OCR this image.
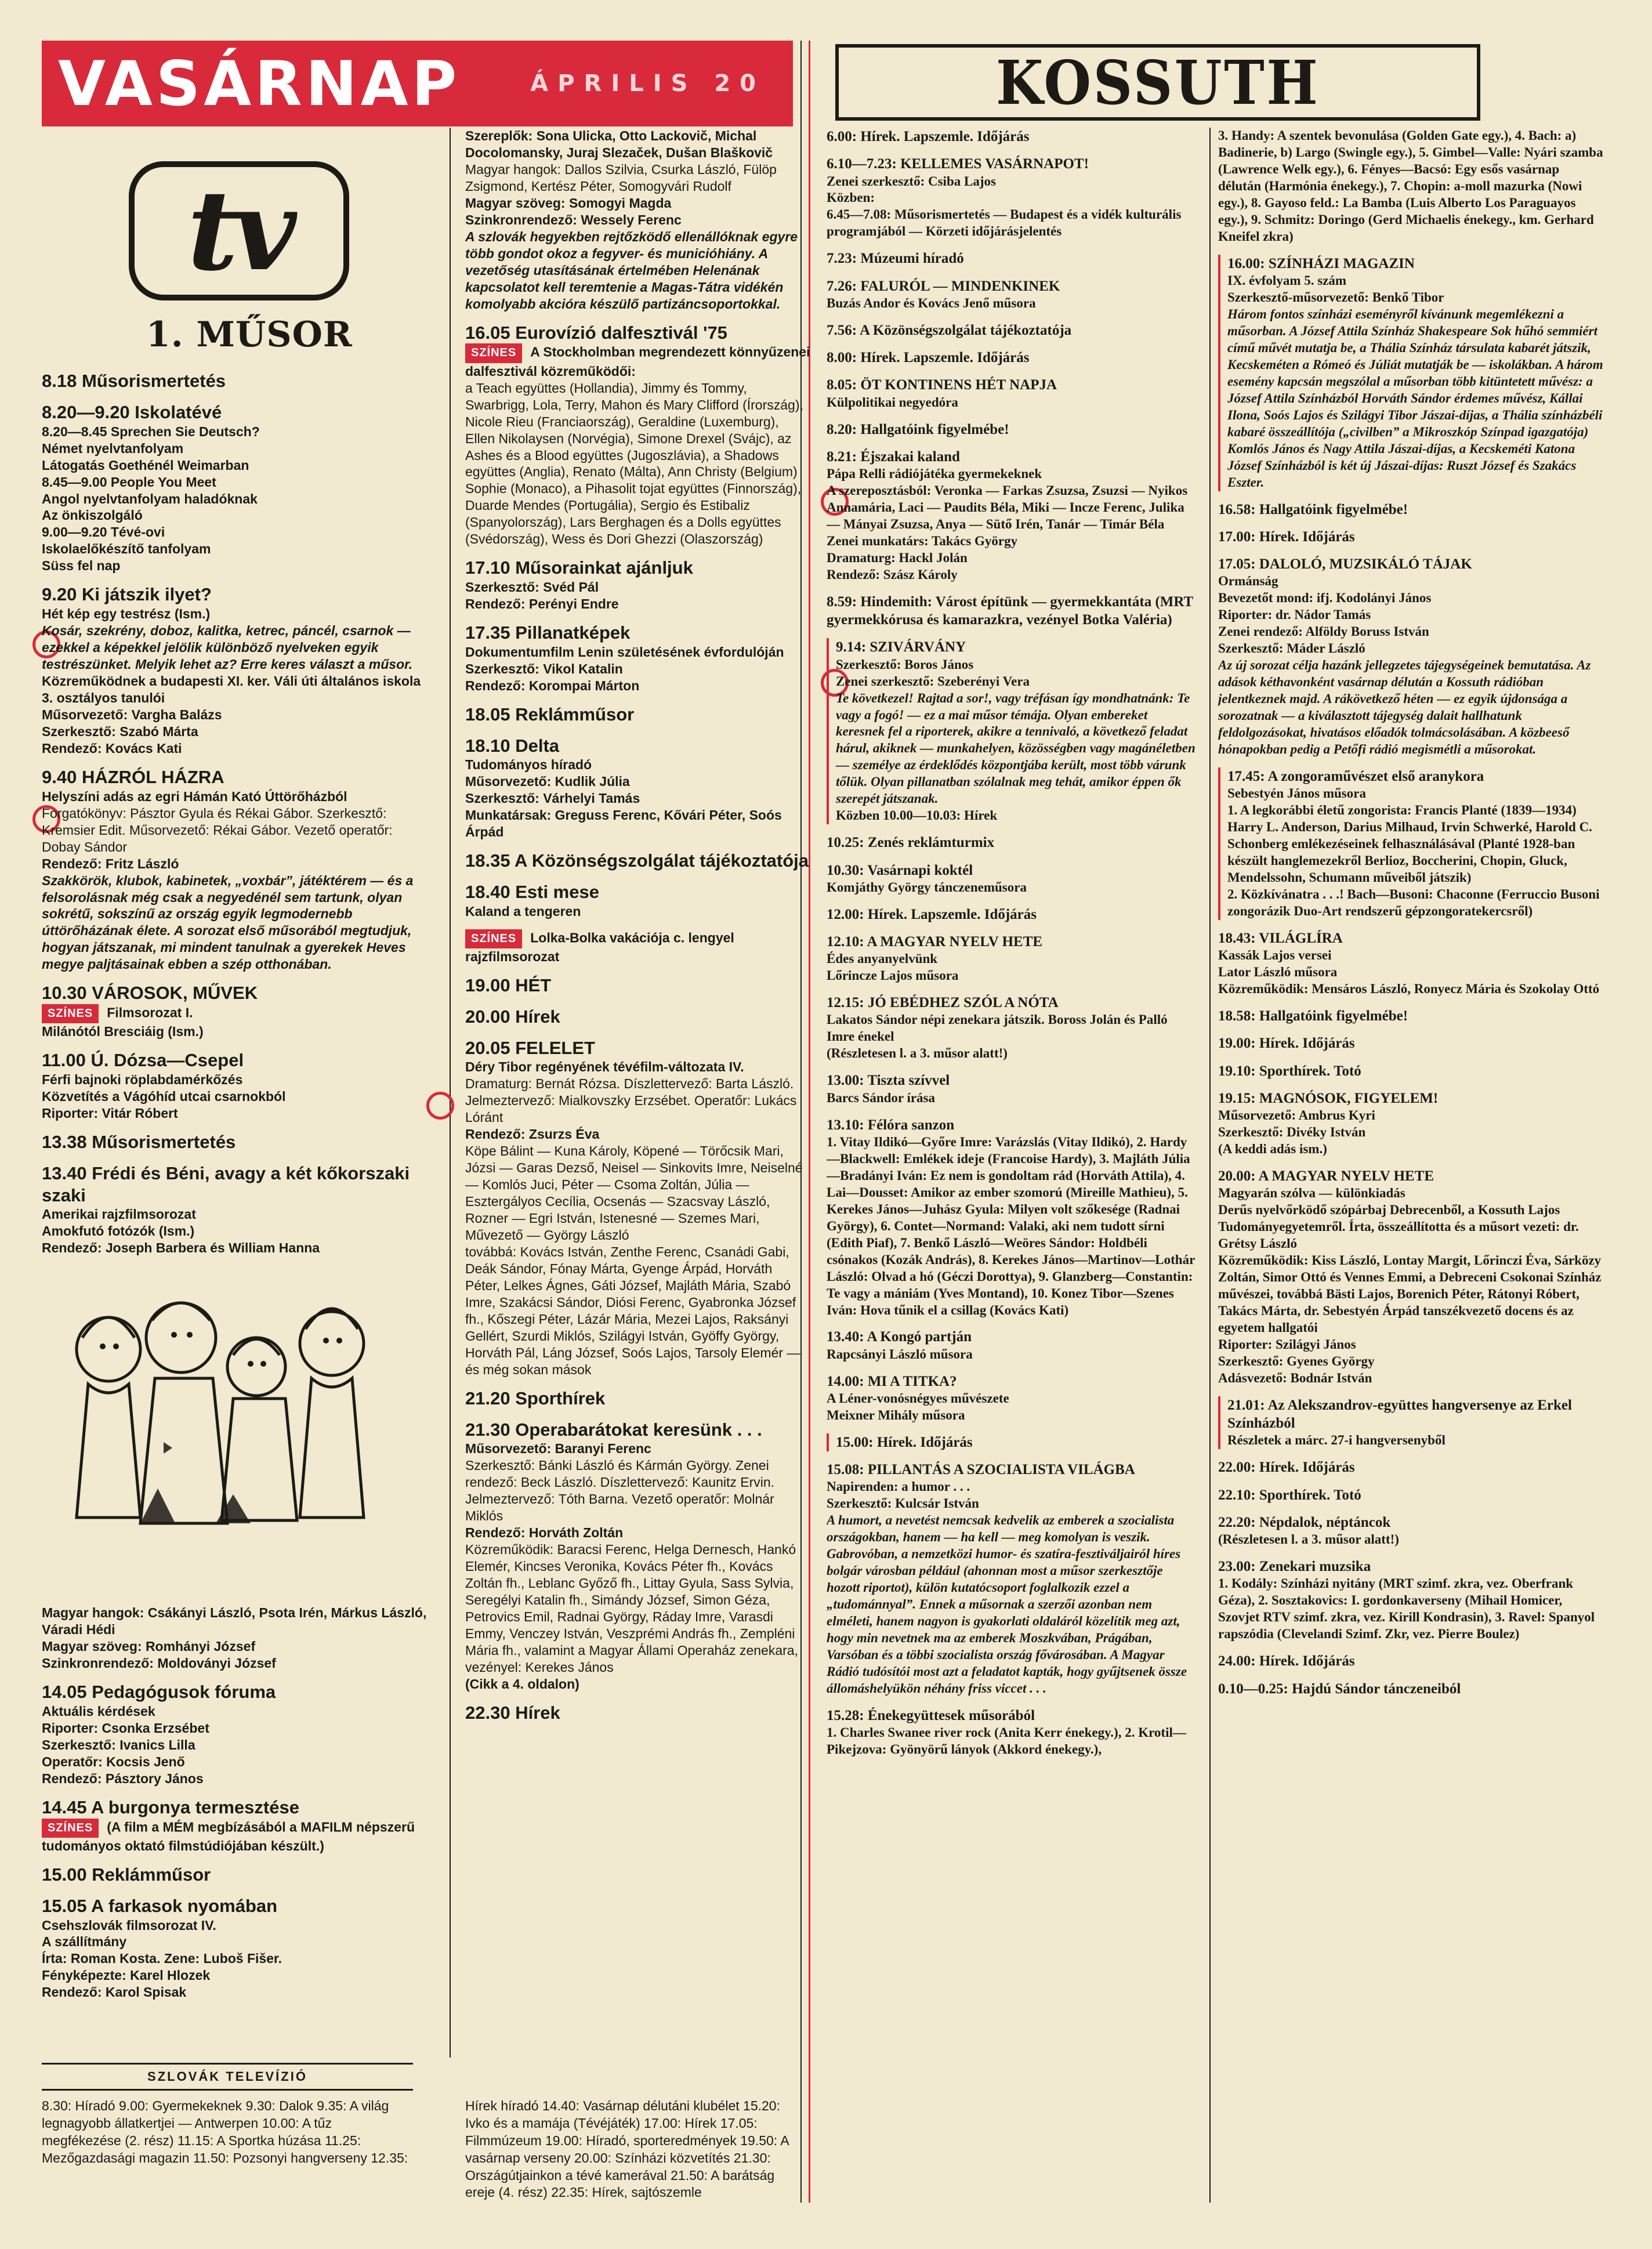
VASÁRNAP	ÁPRILIS 20	KOSSUTH
tv
1. MŰSOR
8.18 Műsorismertetés
8.20—9.20 Iskolatévé
8.20—8.45 Sprechen Sie Deutsch?
Német nyelvtanfolyam
Látogatás Goethénél Weimarban
8.45—9.00 People You Meet
Angol nyelvtanfolyam haladóknak
Az önkiszolgáló
9.00—9.20 Tévé-ovi
Iskolaelőkészítő tanfolyam
Süss fel nap
9.20 Ki játszik ilyet?
Hét kép egy testrész (Ism.)
Kosár, szekrény, doboz, kalitka, ketrec, páncél, csarnok — ezekkel a képekkel jelölik különböző nyelveken egyik testrészünket. Melyik lehet az? Erre keres választ a műsor.
Közreműködnek a budapesti XI. ker. Váli úti általános iskola 3. osztályos tanulói
Műsorvezető: Vargha Balázs
Szerkesztő: Szabó Márta
Rendező: Kovács Kati
9.40 HÁZRÓL HÁZRA
Helyszíni adás az egri Hámán Kató Úttörőházból
Forgatókönyv: Pásztor Gyula és Rékai Gábor. Szerkesztő: Kremsier Edit. Műsorvezető: Rékai Gábor. Vezető operatőr: Dobay Sándor
Rendező: Fritz László
Szakkörök, klubok, kabinetek, „voxbár”, játéktérem — és a felsorolásnak még csak a negyedénél sem tartunk, olyan sokrétű, sokszínű az ország egyik legmodernebb úttörőházának élete. A sorozat első műsorából megtudjuk, hogyan játszanak, mi mindent tanulnak a gyerekek Heves megye paljtásainak ebben a szép otthonában.
10.30 VÁROSOK, MŰVEK
SZÍNES Filmsorozat I.
Milánótól Bresciáig (Ism.)
11.00 Ú. Dózsa—Csepel
Férfi bajnoki röplabdamérkőzés
Közvetítés a Vágóhíd utcai csarnokból
Riporter: Vitár Róbert
13.38 Műsorismertetés
13.40 Frédi és Béni, avagy a két kőkorszaki szaki
Amerikai rajzfilmsorozat
Amokfutó fotózók (Ism.)
Rendező: Joseph Barbera és William Hanna
Magyar hangok: Csákányi László, Psota Irén, Márkus László, Váradi Hédi
Magyar szöveg: Romhányi József
Szinkronrendező: Moldoványi József
14.05 Pedagógusok fóruma
Aktuális kérdések
Riporter: Csonka Erzsébet
Szerkesztő: Ivanics Lilla
Operatőr: Kocsis Jenő
Rendező: Pásztory János
14.45 A burgonya termesztése
SZÍNES (A film a MÉM megbízásából a MAFILM népszerű tudományos oktató filmstúdiójában készült.)
15.00 Reklámműsor
15.05 A farkasok nyomában
Csehszlovák filmsorozat IV.
A szállítmány
Írta: Roman Kosta. Zene: Luboš Fišer.
Fényképezte: Karel Hlozek
Rendező: Karol Spisak
Szereplők: Sona Ulicka, Otto Lackovič, Michal Docolomansky, Juraj Slezaček, Dušan Blaškovič
Magyar hangok: Dallos Szilvia, Csurka László, Fülöp Zsigmond, Kertész Péter, Somogyvári Rudolf
Magyar szöveg: Somogyi Magda
Szinkronrendező: Wessely Ferenc
A szlovák hegyekben rejtőzködő ellenállóknak egyre több gondot okoz a fegyver- és municióhiány. A vezetőség utasításának értelmében Helenának kapcsolatot kell teremtenie a Magas-Tátra vidékén komolyabb akcióra készülő partizáncsoportokkal.
16.05 Eurovízió dalfesztivál '75
SZÍNES A Stockholmban megrendezett könnyűzenei dalfesztivál közreműködői:
a Teach együttes (Hollandia), Jimmy és Tommy, Swarbrigg, Lola, Terry, Mahon és Mary Clifford (Írország), Nicole Rieu (Franciaország), Geraldine (Luxemburg), Ellen Nikolaysen (Norvégia), Simone Drexel (Svájc), az Ashes és a Blood együttes (Jugoszlávia), a Shadows együttes (Anglia), Renato (Málta), Ann Christy (Belgium) Sophie (Monaco), a Pihasolit tojat együttes (Finnország), Duarde Mendes (Portugália), Sergio és Estibaliz (Spanyolország), Lars Berghagen és a Dolls együttes (Svédország), Wess és Dori Ghezzi (Olaszország)
17.10 Műsorainkat ajánljuk
Szerkesztő: Svéd Pál
Rendező: Perényi Endre
17.35 Pillanatképek
Dokumentumfilm Lenin születésének évfordulóján
Szerkesztő: Vikol Katalin
Rendező: Korompai Márton
18.05 Reklámműsor
18.10 Delta
Tudományos híradó
Műsorvezető: Kudlik Júlia
Szerkesztő: Várhelyi Tamás
Munkatársak: Greguss Ferenc, Kővári Péter, Soós Árpád
18.35 A Közönségszolgálat tájékoztatója
18.40 Esti mese
Kaland a tengeren
SZÍNES Lolka-Bolka vakációja c. lengyel rajzfilmsorozat
19.00 HÉT
20.00 Hírek
20.05 FELELET
Déry Tibor regényének tévéfilm-változata IV.
Dramaturg: Bernát Rózsa. Díszlettervező: Barta László. Jelmeztervező: Mialkovszky Erzsébet. Operatőr: Lukács Lóránt
Rendező: Zsurzs Éva
Köpe Bálint — Kuna Károly, Köpené — Törőcsik Mari, Józsi — Garas Dezső, Neisel — Sinkovits Imre, Neiselné — Komlós Juci, Péter — Csoma Zoltán, Júlia — Esztergályos Cecília, Ocsenás — Szacsvay László, Rozner — Egri István, Istenesné — Szemes Mari, Művezető — György László
továbbá: Kovács István, Zenthe Ferenc, Csanádi Gabi, Deák Sándor, Fónay Márta, Gyenge Árpád, Horváth Péter, Lelkes Ágnes, Gáti József, Majláth Mária, Szabó Imre, Szakácsi Sándor, Diósi Ferenc, Gyabronka József fh., Kőszegi Péter, Lázár Mária, Mezei Lajos, Raksányi Gellért, Szurdi Miklós, Szilágyi István, Gyöffy György, Horváth Pál, Láng József, Soós Lajos, Tarsoly Elemér — és még sokan mások
21.20 Sporthírek
21.30 Operabarátokat keresünk . . .
Műsorvezető: Baranyi Ferenc
Szerkesztő: Bánki László és Kármán György. Zenei rendező: Beck László. Díszlettervező: Kaunitz Ervin. Jelmeztervező: Tóth Barna. Vezető operatőr: Molnár Miklós
Rendező: Horváth Zoltán
Közreműködik: Baracsi Ferenc, Helga Dernesch, Hankó Elemér, Kincses Veronika, Kovács Péter fh., Kovács Zoltán fh., Leblanc Győző fh., Littay Gyula, Sass Sylvia, Seregélyi Katalin fh., Simándy József, Simon Géza, Petrovics Emil, Radnai György, Ráday Imre, Varasdi Emmy, Venczey István, Veszprémi András fh., Zempléni Mária fh., valamint a Magyar Állami Operaház zenekara, vezényel: Kerekes János
(Cikk a 4. oldalon)
22.30 Hírek
6.00: Hírek. Lapszemle. Időjárás
6.10—7.23: KELLEMES VASÁRNAPOT!
Zenei szerkesztő: Csiba Lajos
Közben:
6.45—7.08: Műsorismertetés — Budapest és a vidék kulturális programjából — Körzeti időjárásjelentés
7.23: Múzeumi híradó
7.26: FALURÓL — MINDENKINEK
Buzás Andor és Kovács Jenő műsora
7.56: A Közönségszolgálat tájékoztatója
8.00: Hírek. Lapszemle. Időjárás
8.05: ÖT KONTINENS HÉT NAPJA
Külpolitikai negyedóra
8.20: Hallgatóink figyelmébe!
8.21: Éjszakai kaland
Pápa Relli rádiójátéka gyermekeknek
A szereposztásból: Veronka — Farkas Zsuzsa, Zsuzsi — Nyikos Annamária, Laci — Paudits Béla, Miki — Incze Ferenc, Julika — Mányai Zsuzsa, Anya — Sütő Irén, Tanár — Timár Béla
Zenei munkatárs: Takács György
Dramaturg: Hackl Jolán
Rendező: Szász Károly
8.59: Hindemith: Várost építünk — gyermekkantáta (MRT gyermekkórusa és kamarazkra, vezényel Botka Valéria)
9.14: SZIVÁRVÁNY
Szerkesztő: Boros János
Zenei szerkesztő: Szeberényi Vera
Te következel! Rajtad a sor!, vagy tréfásan így mondhatnánk: Te vagy a fogó! — ez a mai műsor témája. Olyan embereket keresnek fel a riporterek, akikre a tennivaló, a következő feladat hárul, akiknek — munkahelyen, közösségben vagy magánéletben — személye az érdeklődés központjába került, most több várunk tőlük. Olyan pillanatban szólalnak meg tehát, amikor éppen ők szerepét játszanak.
Közben 10.00—10.03: Hírek
10.25: Zenés reklámturmix
10.30: Vasárnapi koktél
Komjáthy György tánczeneműsora
12.00: Hírek. Lapszemle. Időjárás
12.10: A MAGYAR NYELV HETE
Édes anyanyelvünk
Lőrincze Lajos műsora
12.15: JÓ EBÉDHEZ SZÓL A NÓTA
Lakatos Sándor népi zenekara játszik. Boross Jolán és Palló Imre énekel
(Részletesen l. a 3. műsor alatt!)
13.00: Tiszta szívvel
Barcs Sándor írása
13.10: Félóra sanzon
1. Vitay Ildikó—Győre Imre: Varázslás (Vitay Ildikó), 2. Hardy—Blackwell: Emlékek ideje (Francoise Hardy), 3. Majláth Júlia—Bradányi Iván: Ez nem is gondoltam rád (Horváth Attila), 4. Lai—Dousset: Amikor az ember szomorú (Mireille Mathieu), 5. Kerekes János—Juhász Gyula: Milyen volt szőkesége (Radnai György), 6. Contet—Normand: Valaki, aki nem tudott sírni (Edith Piaf), 7. Benkő László—Weöres Sándor: Holdbéli csónakos (Kozák András), 8. Kerekes János—Martinov—Lothár László: Olvad a hó (Géczi Dorottya), 9. Glanzberg—Constantin: Te vagy a mániám (Yves Montand), 10. Konez Tibor—Szenes Iván: Hova tűnik el a csillag (Kovács Kati)
13.40: A Kongó partján
Rapcsányi László műsora
14.00: MI A TITKA?
A Léner-vonósnégyes művészete
Meixner Mihály műsora
15.00: Hírek. Időjárás
15.08: PILLANTÁS A SZOCIALISTA VILÁGBA
Napirenden: a humor . . .
Szerkesztő: Kulcsár István
A humort, a nevetést nemcsak kedvelik az emberek a szocialista országokban, hanem — ha kell — meg komolyan is veszik. Gabrovóban, a nemzetközi humor- és szatíra-fesztiváljairól híres bolgár városban például (ahonnan most a műsor szerkesztője hozott riportot), külön kutatócsoport foglalkozik ezzel a „tudománnyal”. Ennek a műsornak a szerzői azonban nem elméleti, hanem nagyon is gyakorlati oldaláról közelítik meg azt, hogy min nevetnek ma az emberek Moszkvában, Prágában, Varsóban és a többi szocialista ország fővárosában. A Magyar Rádió tudósítói most azt a feladatot kapták, hogy gyűjtsenek össze állomáshelyükön néhány friss viccet . . .
15.28: Énekegyüttesek műsorából
1. Charles Swanee river rock (Anita Kerr énekegy.), 2. Krotil—Pikejzova: Gyönyörű lányok (Akkord énekegy.),
3. Handy: A szentek bevonulása (Golden Gate egy.), 4. Bach: a) Badinerie, b) Largo (Swingle egy.), 5. Gimbel—Valle: Nyári szamba (Lawrence Welk egy.), 6. Fényes—Bacsó: Egy esős vasárnap délután (Harmónia énekegy.), 7. Chopin: a-moll mazurka (Nowi egy.), 8. Gayoso feld.: La Bamba (Luis Alberto Los Paraguayos egy.), 9. Schmitz: Doringo (Gerd Michaelis énekegy., km. Gerhard Kneifel zkra)
16.00: SZÍNHÁZI MAGAZIN
IX. évfolyam 5. szám
Szerkesztő-műsorvezető: Benkő Tibor
Három fontos színházi eseményről kívánunk megemlékezni a műsorban. A József Attila Színház Shakespeare Sok hűhó semmiért című művét mutatja be, a Thália Színház társulata kabarét játszik, Kecskeméten a Rómeó és Júliát mutatják be — iskolákban. A három esemény kapcsán megszólal a műsorban több kitüntetett művész: a József Attila Színházból Horváth Sándor érdemes művész, Kállai Ilona, Soós Lajos és Szilágyi Tibor Jászai-díjas, a Thália színházbéli kabaré összeállítója („civilben” a Mikroszkóp Színpad igazgatója) Komlós János és Nagy Attila Jászai-díjas, a Kecskeméti Katona József Színházból is két új Jászai-díjas: Ruszt József és Szakács Eszter.
16.58: Hallgatóink figyelmébe!
17.00: Hírek. Időjárás
17.05: DALOLÓ, MUZSIKÁLÓ TÁJAK
Ormánság
Bevezetőt mond: ifj. Kodolányi János
Riporter: dr. Nádor Tamás
Zenei rendező: Alföldy Boruss István
Szerkesztő: Máder László
Az új sorozat célja hazánk jellegzetes tájegységeinek bemutatása. Az adások kéthavonként vasárnap délután a Kossuth rádióban jelentkeznek majd. A rákövetkező héten — ez egyik újdonsága a sorozatnak — a kiválasztott tájegység dalait hallhatunk feldolgozásokat, hivatásos előadók tolmácsolásában. A közbeeső hónapokban pedig a Petőfi rádió megismétli a műsorokat.
17.45: A zongoraművészet első aranykora
Sebestyén János műsora
1. A legkorábbi életű zongorista: Francis Planté (1839—1934)
Harry L. Anderson, Darius Milhaud, Irvin Schwerké, Harold C. Schonberg emlékezéseinek felhasználásával (Planté 1928-ban készült hanglemezekről Berlioz, Boccherini, Chopin, Gluck, Mendelssohn, Schumann műveiből játszik)
2. Közkívánatra . . .! Bach—Busoni: Chaconne (Ferruccio Busoni zongorázik Duo-Art rendszerű gépzongoratekercsről)
18.43: VILÁGLÍRA
Kassák Lajos versei
Lator László műsora
Közreműködik: Mensáros László, Ronyecz Mária és Szokolay Ottó
18.58: Hallgatóink figyelmébe!
19.00: Hírek. Időjárás
19.10: Sporthírek. Totó
19.15: MAGNÓSOK, FIGYELEM!
Műsorvezető: Ambrus Kyri
Szerkesztő: Divéky István
(A keddi adás ism.)
20.00: A MAGYAR NYELV HETE
Magyarán szólva — különkiadás
Derűs nyelvőrködő szópárbaj Debrecenből, a Kossuth Lajos Tudományegyetemről. Írta, összeállította és a műsort vezeti: dr. Grétsy László
Közreműködik: Kiss László, Lontay Margit, Lőrinczi Éva, Sárközy Zoltán, Simor Ottó és Vennes Emmi, a Debreceni Csokonai Színház művészei, továbbá Bästi Lajos, Borenich Péter, Rátonyi Róbert, Takács Márta, dr. Sebestyén Árpád tanszékvezető docens és az egyetem hallgatói
Riporter: Szilágyi János
Szerkesztő: Gyenes György
Adásvezető: Bodnár István
21.01: Az Alekszandrov-együttes hangversenye az Erkel Színházból
Részletek a márc. 27-i hangversenyből
22.00: Hírek. Időjárás
22.10: Sporthírek. Totó
22.20: Népdalok, néptáncok
(Részletesen l. a 3. műsor alatt!)
23.00: Zenekari muzsika
1. Kodály: Színházi nyitány (MRT szimf. zkra, vez. Oberfrank Géza), 2. Sosztakovics: I. gordonkaverseny (Mihail Homicer, Szovjet RTV szimf. zkra, vez. Kirill Kondrasin), 3. Ravel: Spanyol rapszódia (Clevelandi Szimf. Zkr, vez. Pierre Boulez)
24.00: Hírek. Időjárás
0.10—0.25: Hajdú Sándor tánczeneiból
SZLOVÁK TELEVÍZIÓ
8.30: Híradó 9.00: Gyermekeknek 9.30: Dalok 9.35: A világ legnagyobb állatkertjei — Antwerpen 10.00: A tűz megfékezése (2. rész) 11.15: A Sportka húzása 11.25: Mezőgazdasági magazin 11.50: Pozsonyi hangverseny 12.35:
Hírek híradó 14.40: Vasárnap délutáni klubélet 15.20: Ivko és a mamája (Tévéjáték) 17.00: Hírek 17.05: Filmmúzeum 19.00: Híradó, sporteredmények 19.50: A vasárnap verseny 20.00: Színházi közvetítés 21.30: Országútjainkon a tévé kamerával 21.50: A barátság ereje (4. rész) 22.35: Hírek, sajtószemle
